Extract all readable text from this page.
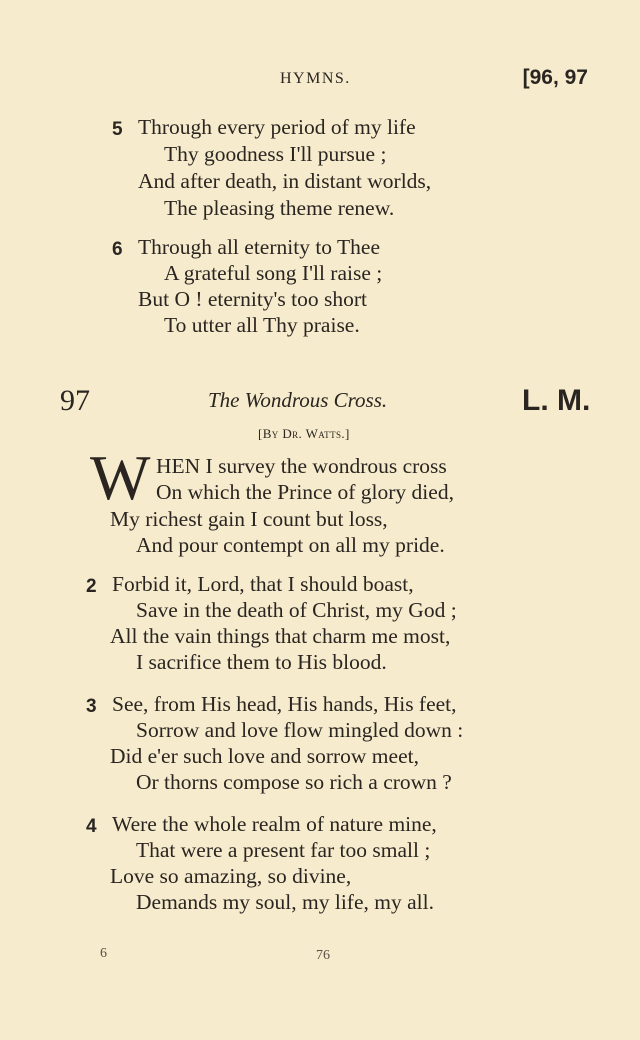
HYMNS.	[96, 97
5 Through every period of my life
Thy goodness I'll pursue ;
And after death, in distant worlds,
The pleasing theme renew.
6 Through all eternity to Thee
A grateful song I'll raise ;
But O ! eternity's too short
To utter all Thy praise.
97	The Wondrous Cross.	L. M.
[By Dr. Watts.]
W HEN I survey the wondrous cross
On which the Prince of glory died,
My richest gain I count but loss,
And pour contempt on all my pride.
2 Forbid it, Lord, that I should boast,
Save in the death of Christ, my God ;
All the vain things that charm me most,
I sacrifice them to His blood.
3 See, from His head, His hands, His feet,
Sorrow and love flow mingled down :
Did e'er such love and sorrow meet,
Or thorns compose so rich a crown ?
4 Were the whole realm of nature mine,
That were a present far too small ;
Love so amazing, so divine,
Demands my soul, my life, my all.
6	76
